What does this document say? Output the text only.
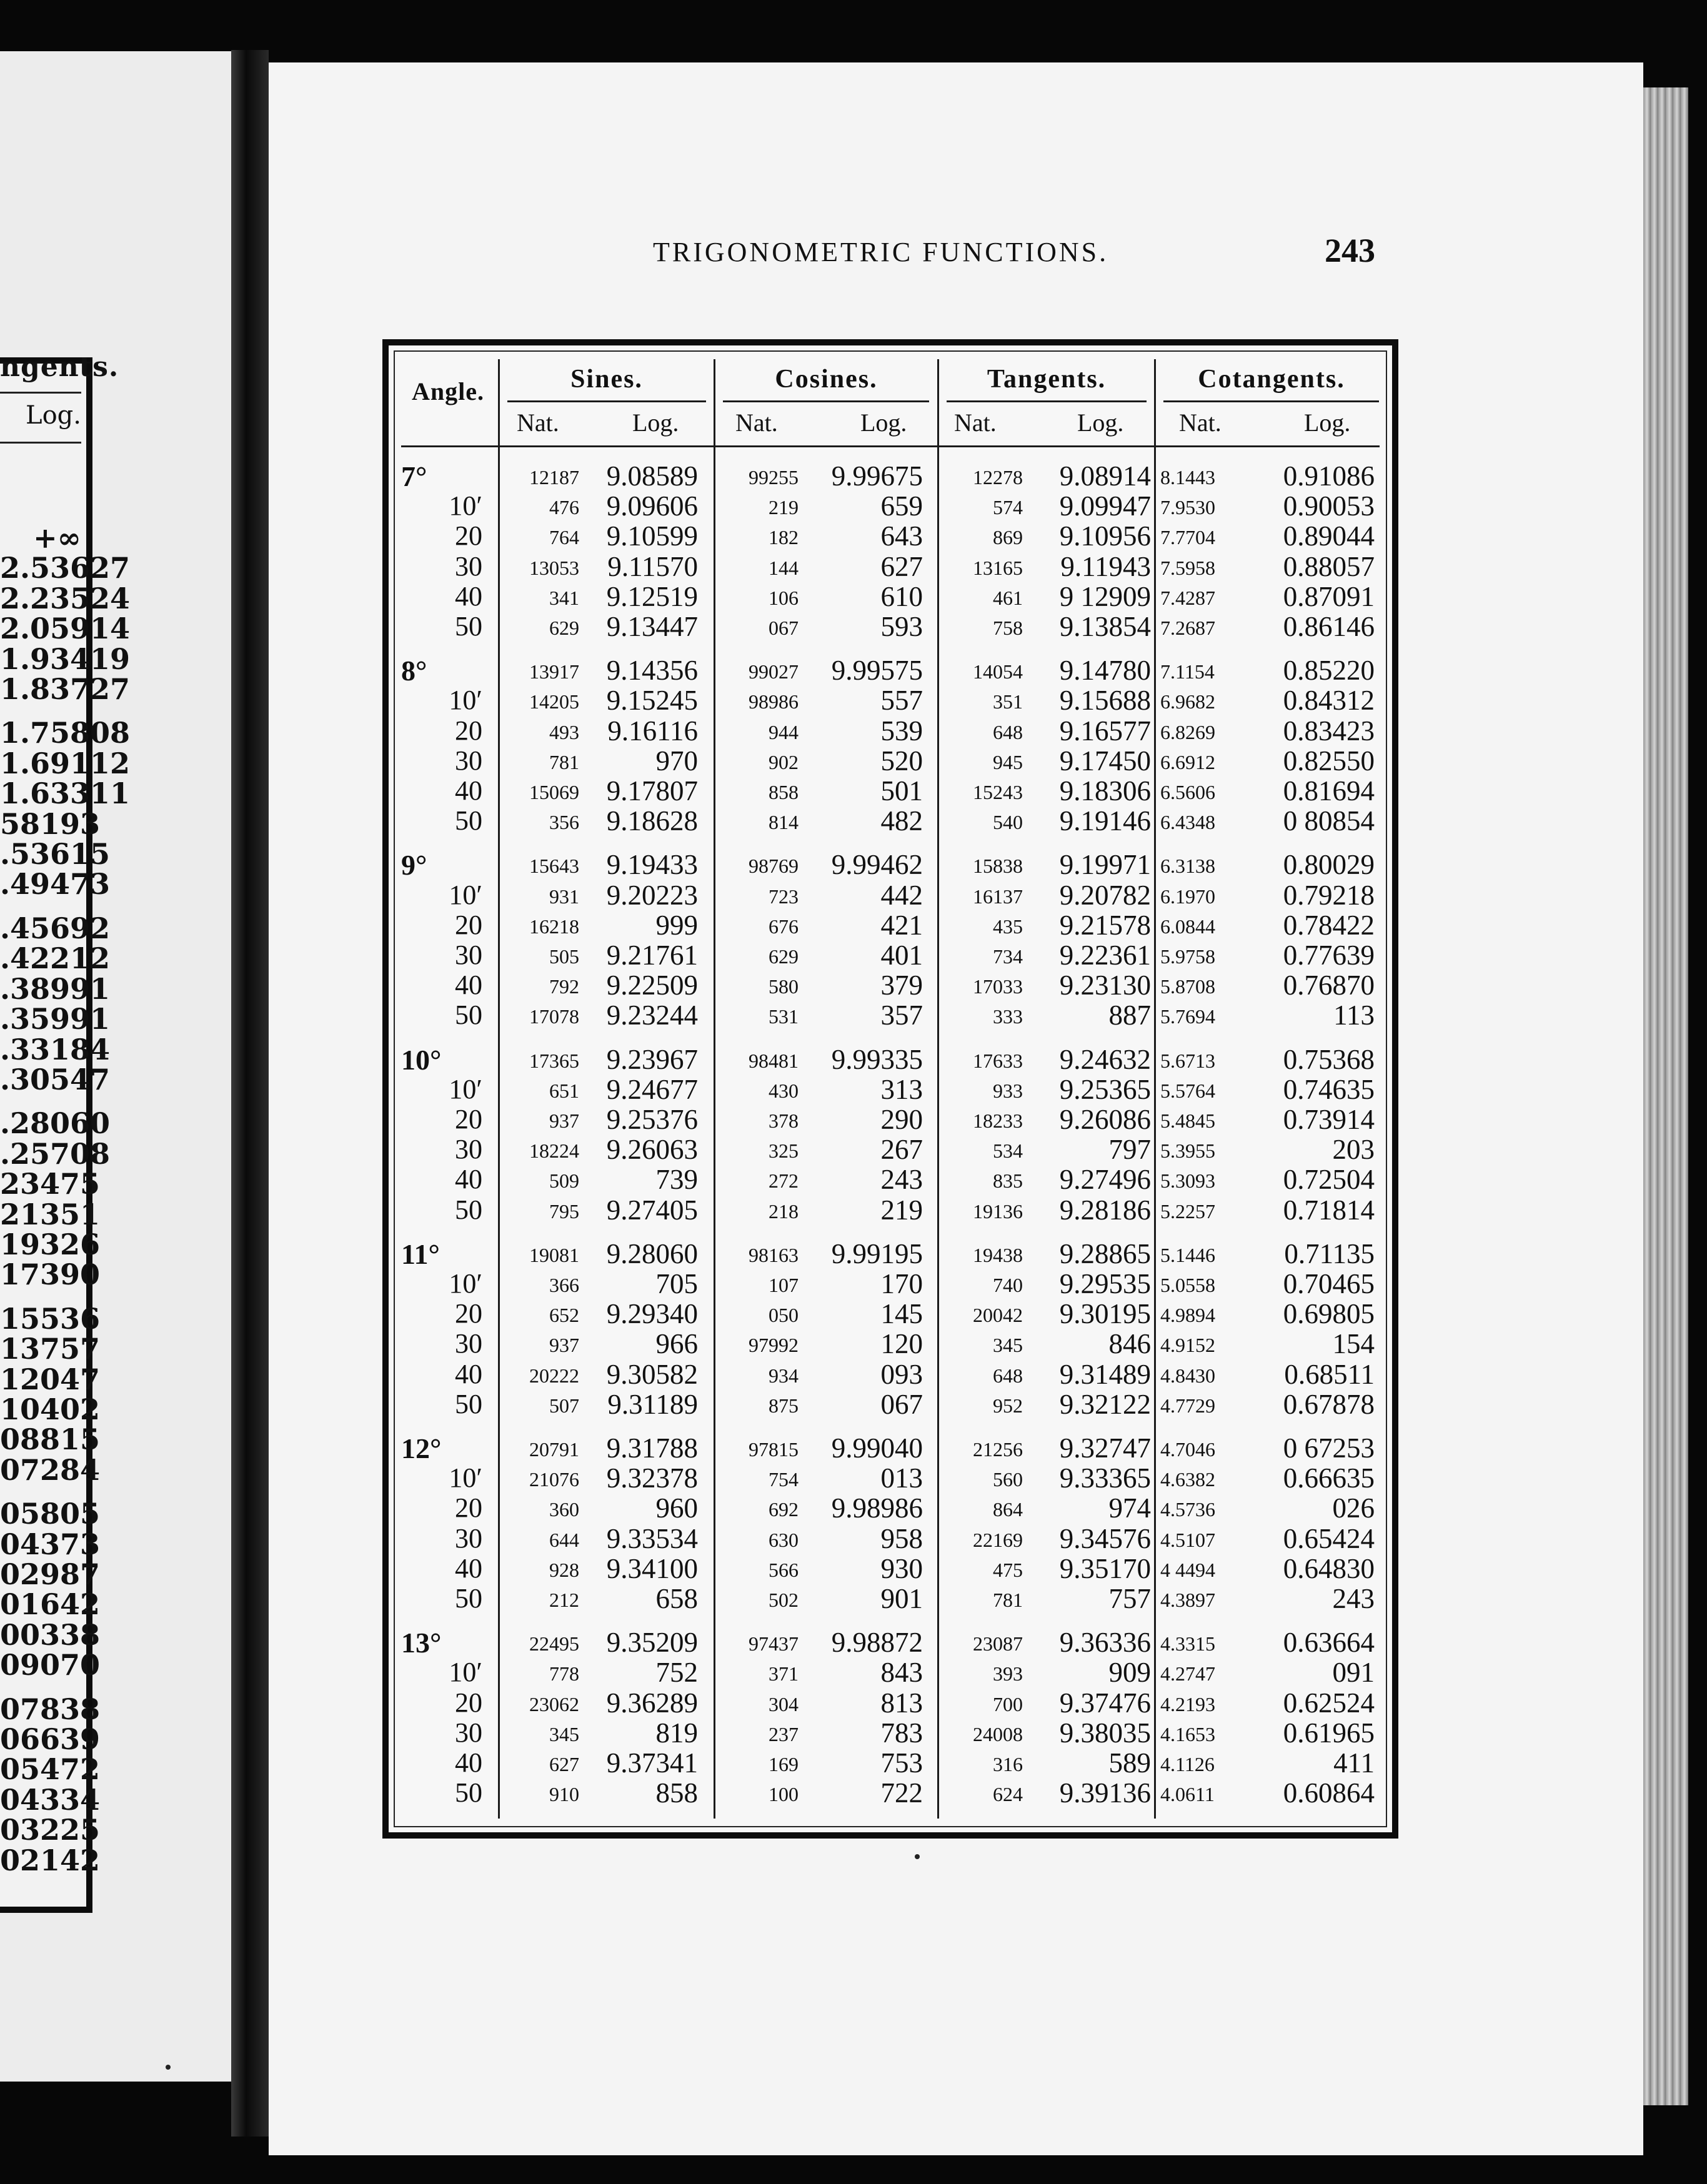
ngents.
Log.
+∞
2.53627
2.23524
2.05914
1.93419
1.83727
1.75808
1.69112
1.63311
58193
.53615
.49473
.45692
.42212
.38991
.35991
.33184
.30547
.28060
.25708
23475
21351
19326
17390
15536
13757
12047
10402
08815
07284
05805
04373
02987
01642
00338
09070
07838
06639
05472
04334
03225
02142
TRIGONOMETRIC FUNCTIONS.	243
Angle.	Sines.	Cosines.	Tangents.	Cotangents.
Nat.	Log. Nat.	Log. Nat.	Log. Nat.	Log.
7°	12187 9.08589	99255	9.99675	12278	9.08914 8.1443	0.91086
10′	476 9.09606	219	659	574	9.09947 7.9530	0.90053
20	764 9.10599	182	643	869	9.10956 7.7704	0.89044
30	13053	9.11570	144	627	13165	9.11943 7.5958	0.88057
40	341 9.12519	106	610	461	9 12909 7.4287	0.87091
50	629 9.13447	067	593	758	9.13854 7.2687	0.86146
8°	13917 9.14356	99027	9.99575	14054	9.14780 7.1154	0.85220
10′	14205 9.15245	98986	557	351	9.15688 6.9682	0.84312
20	493	9.16116	944	539	648	9.16577 6.8269	0.83423
30	781	970	902	520	945	9.17450 6.6912	0.82550
40	15069 9.17807	858	501	15243	9.18306 6.5606	0.81694
50	356 9.18628	814	482	540	9.19146 6.4348	0 80854
9°	15643 9.19433	98769	9.99462	15838	9.19971 6.3138	0.80029
10′	931 9.20223	723	442	16137	9.20782 6.1970	0.79218
20	16218	999	676	421	435	9.21578 6.0844	0.78422
30	505 9.21761	629	401	734	9.22361 5.9758	0.77639
40	792 9.22509	580	379	17033	9.23130 5.8708	0.76870
50	17078 9.23244	531	357	333	887 5.7694	113
10°	17365 9.23967	98481	9.99335	17633	9.24632 5.6713	0.75368
10′	651 9.24677	430	313	933	9.25365 5.5764	0.74635
20	937 9.25376	378	290	18233	9.26086 5.4845	0.73914
30	18224 9.26063	325	267	534	797 5.3955	203
40	509	739	272	243	835	9.27496 5.3093	0.72504
50	795 9.27405	218	219	19136	9.28186 5.2257	0.71814
11°	19081 9.28060	98163	9.99195	19438	9.28865 5.1446	0.71135
10′	366	705	107	170	740	9.29535 5.0558	0.70465
20	652 9.29340	050	145	20042	9.30195 4.9894	0.69805
30	937	966	97992	120	345	846 4.9152	154
40	20222 9.30582	934	093	648	9.31489 4.8430	0.68511
50	507	9.31189	875	067	952	9.32122 4.7729	0.67878
12°	20791 9.31788	97815	9.99040	21256	9.32747 4.7046	0 67253
10′	21076 9.32378	754	013	560	9.33365 4.6382	0.66635
20	360	960	692	9.98986	864	974 4.5736	026
30	644 9.33534	630	958	22169	9.34576 4.5107	0.65424
40	928 9.34100	566	930	475	9.35170 4 4494	0.64830
50	212	658	502	901	781	757 4.3897	243
13°	22495 9.35209	97437	9.98872	23087	9.36336 4.3315	0.63664
10′	778	752	371	843	393	909 4.2747	091
20	23062 9.36289	304	813	700	9.37476 4.2193	0.62524
30	345	819	237	783	24008	9.38035 4.1653	0.61965
40	627 9.37341	169	753	316	589 4.1126	411
50	910	858	100	722	624	9.39136 4.0611	0.60864
